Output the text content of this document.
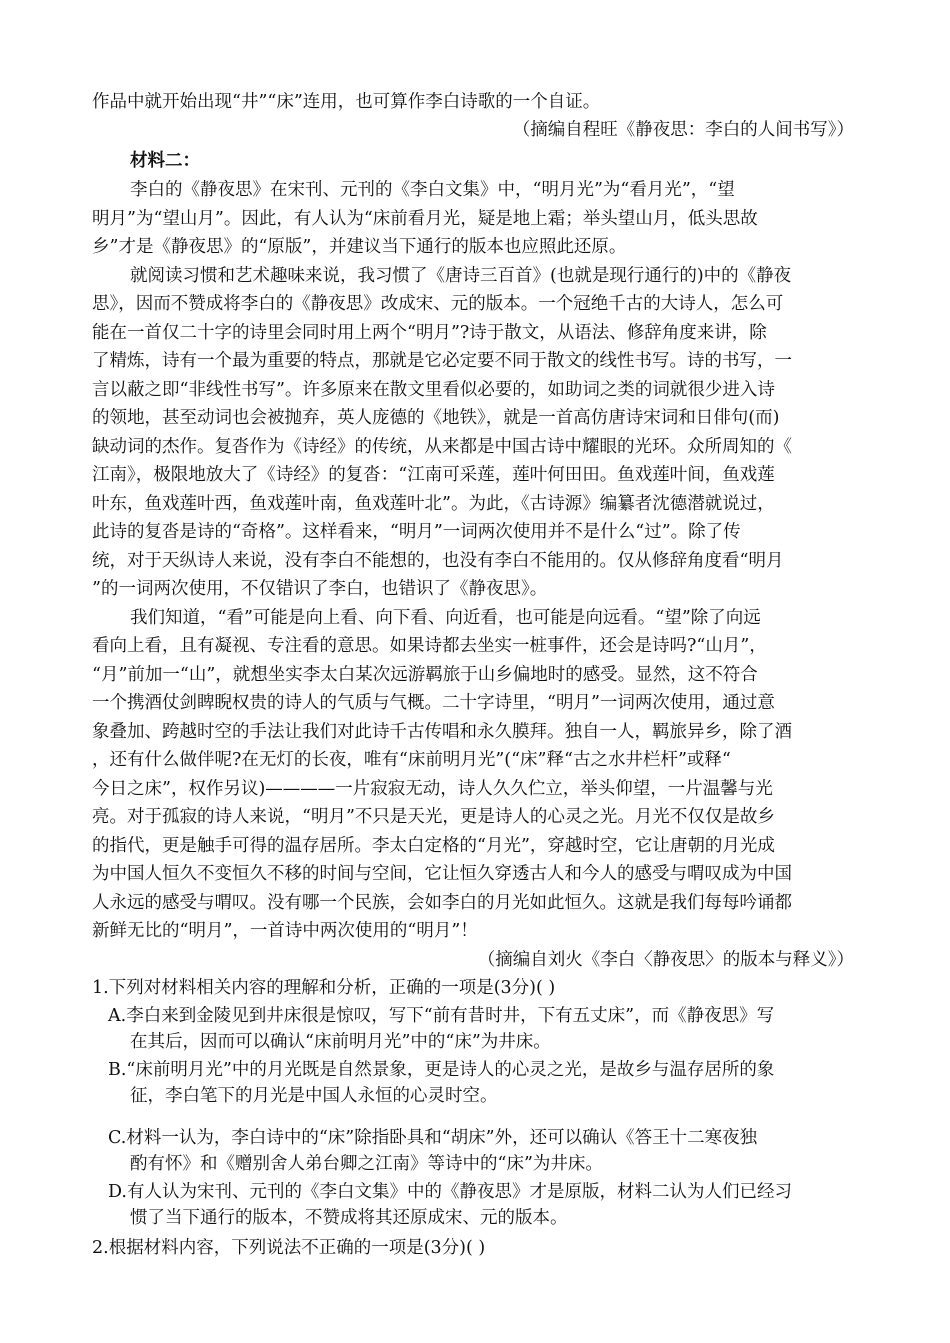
作品中就开始出现“井”“床”连用，也可算作李白诗歌的一个自证。
（摘编自程旺《静夜思：李白的人间书写》）
材料二：
李白的《静夜思》在宋刊、元刊的《李白文集》中，“明月光”为“看月光”，“望
明月”为“望山月”。因此，有人认为“床前看月光，疑是地上霜；举头望山月，低头思故
乡”才是《静夜思》的“原版”，并建议当下通行的版本也应照此还原。
就阅读习惯和艺术趣味来说，我习惯了《唐诗三百首》(也就是现行通行的)中的《静夜
思》，因而不赞成将李白的《静夜思》改成宋、元的版本。一个冠绝千古的大诗人，怎么可
能在一首仅二十字的诗里会同时用上两个“明月”?诗于散文，从语法、修辞角度来讲，除
了精炼，诗有一个最为重要的特点，那就是它必定要不同于散文的线性书写。诗的书写，一
言以蔽之即“非线性书写”。许多原来在散文里看似必要的，如助词之类的词就很少进入诗
的领地，甚至动词也会被抛弃，英人庞德的《地铁》，就是一首高仿唐诗宋词和日俳句(而)
缺动词的杰作。复沓作为《诗经》的传统，从来都是中国古诗中耀眼的光环。众所周知的《
江南》，极限地放大了《诗经》的复沓：“江南可采莲，莲叶何田田。鱼戏莲叶间，鱼戏莲
叶东，鱼戏莲叶西，鱼戏莲叶南，鱼戏莲叶北”。为此，《古诗源》编纂者沈德潜就说过，
此诗的复沓是诗的“奇格”。这样看来，“明月”一词两次使用并不是什么“过”。除了传
统，对于天纵诗人来说，没有李白不能想的，也没有李白不能用的。仅从修辞角度看“明月
”的一词两次使用，不仅错识了李白，也错识了《静夜思》。
我们知道，“看”可能是向上看、向下看、向近看，也可能是向远看。“望”除了向远
看向上看，且有凝视、专注看的意思。如果诗都去坐实一桩事件，还会是诗吗?“山月”，
“月”前加一“山”，就想坐实李太白某次远游羁旅于山乡偏地时的感受。显然，这不符合
一个携酒仗剑睥睨权贵的诗人的气质与气概。二十字诗里，“明月”一词两次使用，通过意
象叠加、跨越时空的手法让我们对此诗千古传唱和永久膜拜。独自一人，羁旅异乡，除了酒
，还有什么做伴呢?在无灯的长夜，唯有“床前明月光”(“床”释“古之水井栏杆”或释“
今日之床”，权作另议)————一片寂寂无动，诗人久久伫立，举头仰望，一片温馨与光
亮。对于孤寂的诗人来说，“明月”不只是天光，更是诗人的心灵之光。月光不仅仅是故乡
的指代，更是触手可得的温存居所。李太白定格的“月光”，穿越时空，它让唐朝的月光成
为中国人恒久不变恒久不移的时间与空间，它让恒久穿透古人和今人的感受与喟叹成为中国
人永远的感受与喟叹。没有哪一个民族，会如李白的月光如此恒久。这就是我们每每吟诵都
新鲜无比的“明月”，一首诗中两次使用的“明月”！
（摘编自刘火《李白〈静夜思〉的版本与释义》）
1.下列对材料相关内容的理解和分析，正确的一项是(3分)( )
A.李白来到金陵见到井床很是惊叹，写下“前有昔时井，下有五丈床”，而《静夜思》写
在其后，因而可以确认“床前明月光”中的“床”为井床。
B.“床前明月光”中的月光既是自然景象，更是诗人的心灵之光，是故乡与温存居所的象
征，李白笔下的月光是中国人永恒的心灵时空。
C.材料一认为，李白诗中的“床”除指卧具和“胡床”外，还可以确认《答王十二寒夜独
酌有怀》和《赠别舍人弟台卿之江南》等诗中的“床”为井床。
D.有人认为宋刊、元刊的《李白文集》中的《静夜思》才是原版，材料二认为人们已经习
惯了当下通行的版本，不赞成将其还原成宋、元的版本。
2.根据材料内容，下列说法不正确的一项是(3分)( )
